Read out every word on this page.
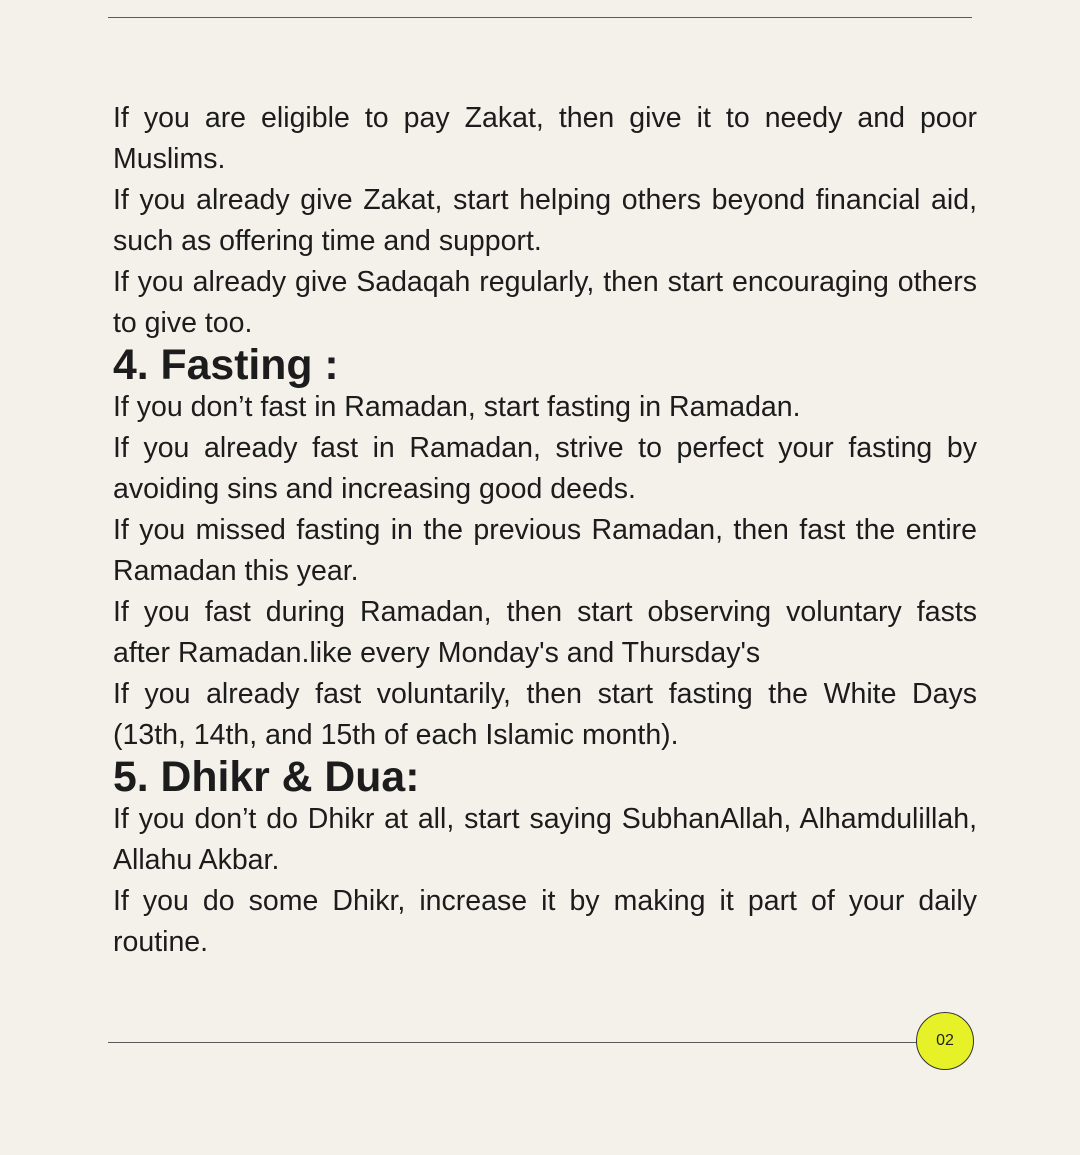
If you are eligible to pay Zakat, then give it to needy and poor Muslims.

If you already give Zakat, start helping others beyond financial aid, such as offering time and support.

If you already give Sadaqah regularly, then start encouraging others to give too.

4. Fasting :

If you don’t fast in Ramadan, start fasting in Ramadan.

If you already fast in Ramadan, strive to perfect your fasting by avoiding sins and increasing good deeds.

If you missed fasting in the previous Ramadan, then fast the entire Ramadan this year.

If you fast during Ramadan, then start observing voluntary fasts after Ramadan.like every Monday's and Thursday's

If you already fast voluntarily, then start fasting the White Days (13th, 14th, and 15th of each Islamic month).

5. Dhikr & Dua:

If you don’t do Dhikr at all, start saying SubhanAllah, Alhamdulillah, Allahu Akbar.

If you do some Dhikr, increase it by making it part of your daily routine.

02
